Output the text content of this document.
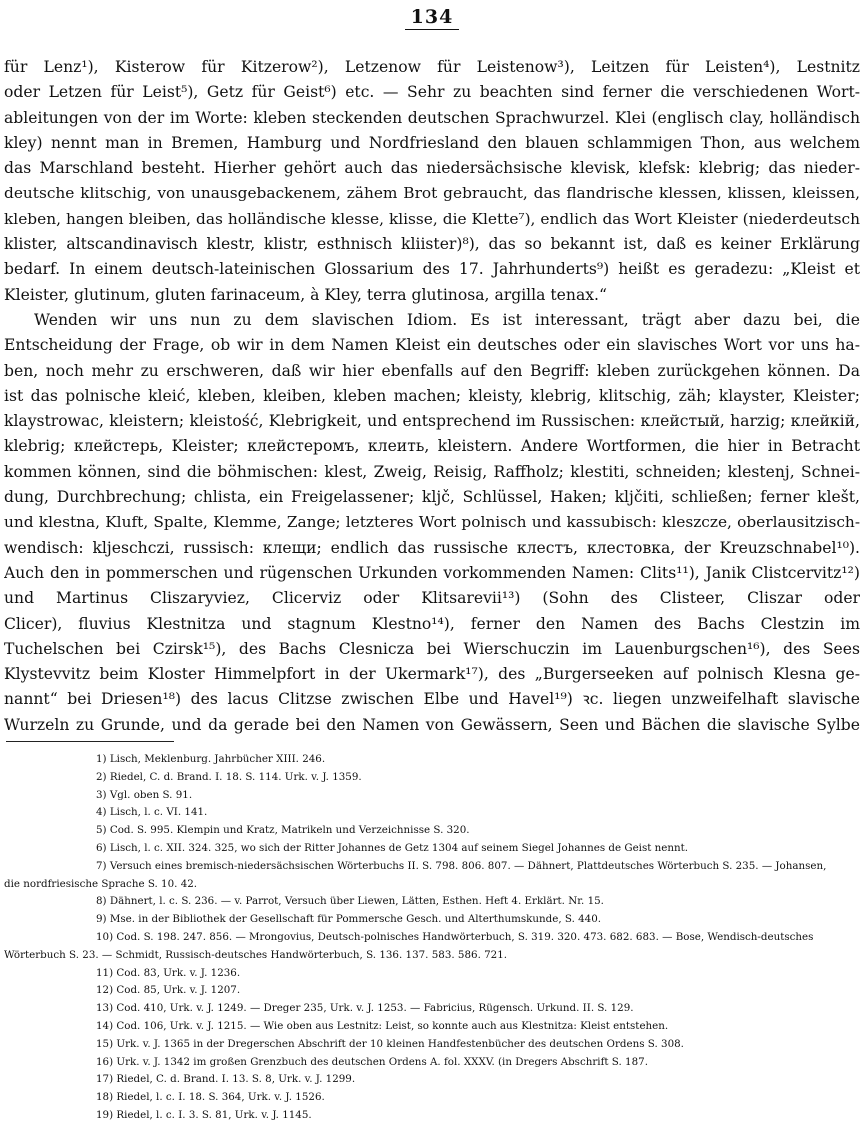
134
für Lenz¹), Kisterow für Kitzerow²), Letzenow für Leistenow³), Leitzen für Leisten⁴), Lestnitz
oder Letzen für Leist⁵), Getz für Geist⁶) etc. — Sehr zu beachten sind ferner die verschiedenen Wort-
ableitungen von der im Worte: kleben steckenden deutschen Sprachwurzel. Klei (englisch clay, holländisch
kley) nennt man in Bremen, Hamburg und Nordfriesland den blauen schlammigen Thon, aus welchem
das Marschland besteht. Hierher gehört auch das niedersächsische klevisk, klefsk: klebrig; das nieder-
deutsche klitschig, von unausgebackenem, zähem Brot gebraucht, das flandrische klessen, klissen, kleissen,
kleben, hangen bleiben, das holländische klesse, klisse, die Klette⁷), endlich das Wort Kleister (niederdeutsch
klister, altscandinavisch klestr, klistr, esthnisch kliister)⁸), das so bekannt ist, daß es keiner Erklärung
bedarf. In einem deutsch-lateinischen Glossarium des 17. Jahrhunderts⁹) heißt es geradezu: „Kleist et
Kleister, glutinum, gluten farinaceum, à Kley, terra glutinosa, argilla tenax.“
Wenden wir uns nun zu dem slavischen Idiom. Es ist interessant, trägt aber dazu bei, die
Entscheidung der Frage, ob wir in dem Namen Kleist ein deutsches oder ein slavisches Wort vor uns ha-
ben, noch mehr zu erschweren, daß wir hier ebenfalls auf den Begriff: kleben zurückgehen können. Da
ist das polnische kleić, kleben, kleiben, kleben machen; kleisty, klebrig, klitschig, zäh; klayster, Kleister;
klaystrowac, kleistern; kleistość, Klebrigkeit, und entsprechend im Russischen: клейстый, harzig; клейкiй,
klebrig; клейстерь, Kleister; клейстеромъ, клеить, kleistern. Andere Wortformen, die hier in Betracht
kommen können, sind die böhmischen: klest, Zweig, Reisig, Raffholz; klestiti, schneiden; klestenj, Schnei-
dung, Durchbrechung; chlista, ein Freigelassener; kljč, Schlüssel, Haken; kljčiti, schließen; ferner klešt,
und klestna, Kluft, Spalte, Klemme, Zange; letzteres Wort polnisch und kassubisch: kleszcze, oberlausitzisch-
wendisch: kljeschczi, russisch: клещи; endlich das russische клестъ, клестовка, der Kreuzschnabel¹⁰).
Auch den in pommerschen und rügenschen Urkunden vorkommenden Namen: Clits¹¹), Janik Clistcervitz¹²)
und Martinus Cliszaryviez, Clicerviz oder Klitsarevii¹³) (Sohn des Clisteer, Cliszar oder
Clicer), fluvius Klestnitza und stagnum Klestno¹⁴), ferner den Namen des Bachs Clestzin im
Tuchelschen bei Czirsk¹⁵), des Bachs Clesnicza bei Wierschuczin im Lauenburgschen¹⁶), des Sees
Klystevvitz beim Kloster Himmelpfort in der Ukermark¹⁷), des „Burgerseeken auf polnisch Klesna ge-
nannt“ bei Driesen¹⁸) des lacus Clitzse zwischen Elbe und Havel¹⁹) ꝛc. liegen unzweifelhaft slavische
Wurzeln zu Grunde, und da gerade bei den Namen von Gewässern, Seen und Bächen die slavische Sylbe
1) Lisch, Meklenburg. Jahrbücher XIII. 246.
2) Riedel, C. d. Brand. I. 18. S. 114. Urk. v. J. 1359.
3) Vgl. oben S. 91.
4) Lisch, l. c. VI. 141.
5) Cod. S. 995. Klempin und Kratz, Matrikeln und Verzeichnisse S. 320.
6) Lisch, l. c. XII. 324. 325, wo sich der Ritter Johannes de Getz 1304 auf seinem Siegel Johannes de Geist nennt.
7) Versuch eines bremisch-niedersächsischen Wörterbuchs II. S. 798. 806. 807. — Dähnert, Plattdeutsches Wörterbuch S. 235. — Johansen,
die nordfriesische Sprache S. 10. 42.
8) Dähnert, l. c. S. 236. — v. Parrot, Versuch über Liewen, Lätten, Esthen. Heft 4. Erklärt. Nr. 15.
9) Mse. in der Bibliothek der Gesellschaft für Pommersche Gesch. und Alterthumskunde, S. 440.
10) Cod. S. 198. 247. 856. — Mrongovius, Deutsch-polnisches Handwörterbuch, S. 319. 320. 473. 682. 683. — Bose, Wendisch-deutsches
Wörterbuch S. 23. — Schmidt, Russisch-deutsches Handwörterbuch, S. 136. 137. 583. 586. 721.
11) Cod. 83, Urk. v. J. 1236.
12) Cod. 85, Urk. v. J. 1207.
13) Cod. 410, Urk. v. J. 1249. — Dreger 235, Urk. v. J. 1253. — Fabricius, Rügensch. Urkund. II. S. 129.
14) Cod. 106, Urk. v. J. 1215. — Wie oben aus Lestnitz: Leist, so konnte auch aus Klestnitza: Kleist entstehen.
15) Urk. v. J. 1365 in der Dregerschen Abschrift der 10 kleinen Handfestenbücher des deutschen Ordens S. 308.
16) Urk. v. J. 1342 im großen Grenzbuch des deutschen Ordens A. fol. XXXV. (in Dregers Abschrift S. 187.
17) Riedel, C. d. Brand. I. 13. S. 8, Urk. v. J. 1299.
18) Riedel, l. c. I. 18. S. 364, Urk. v. J. 1526.
19) Riedel, l. c. I. 3. S. 81, Urk. v. J. 1145.
